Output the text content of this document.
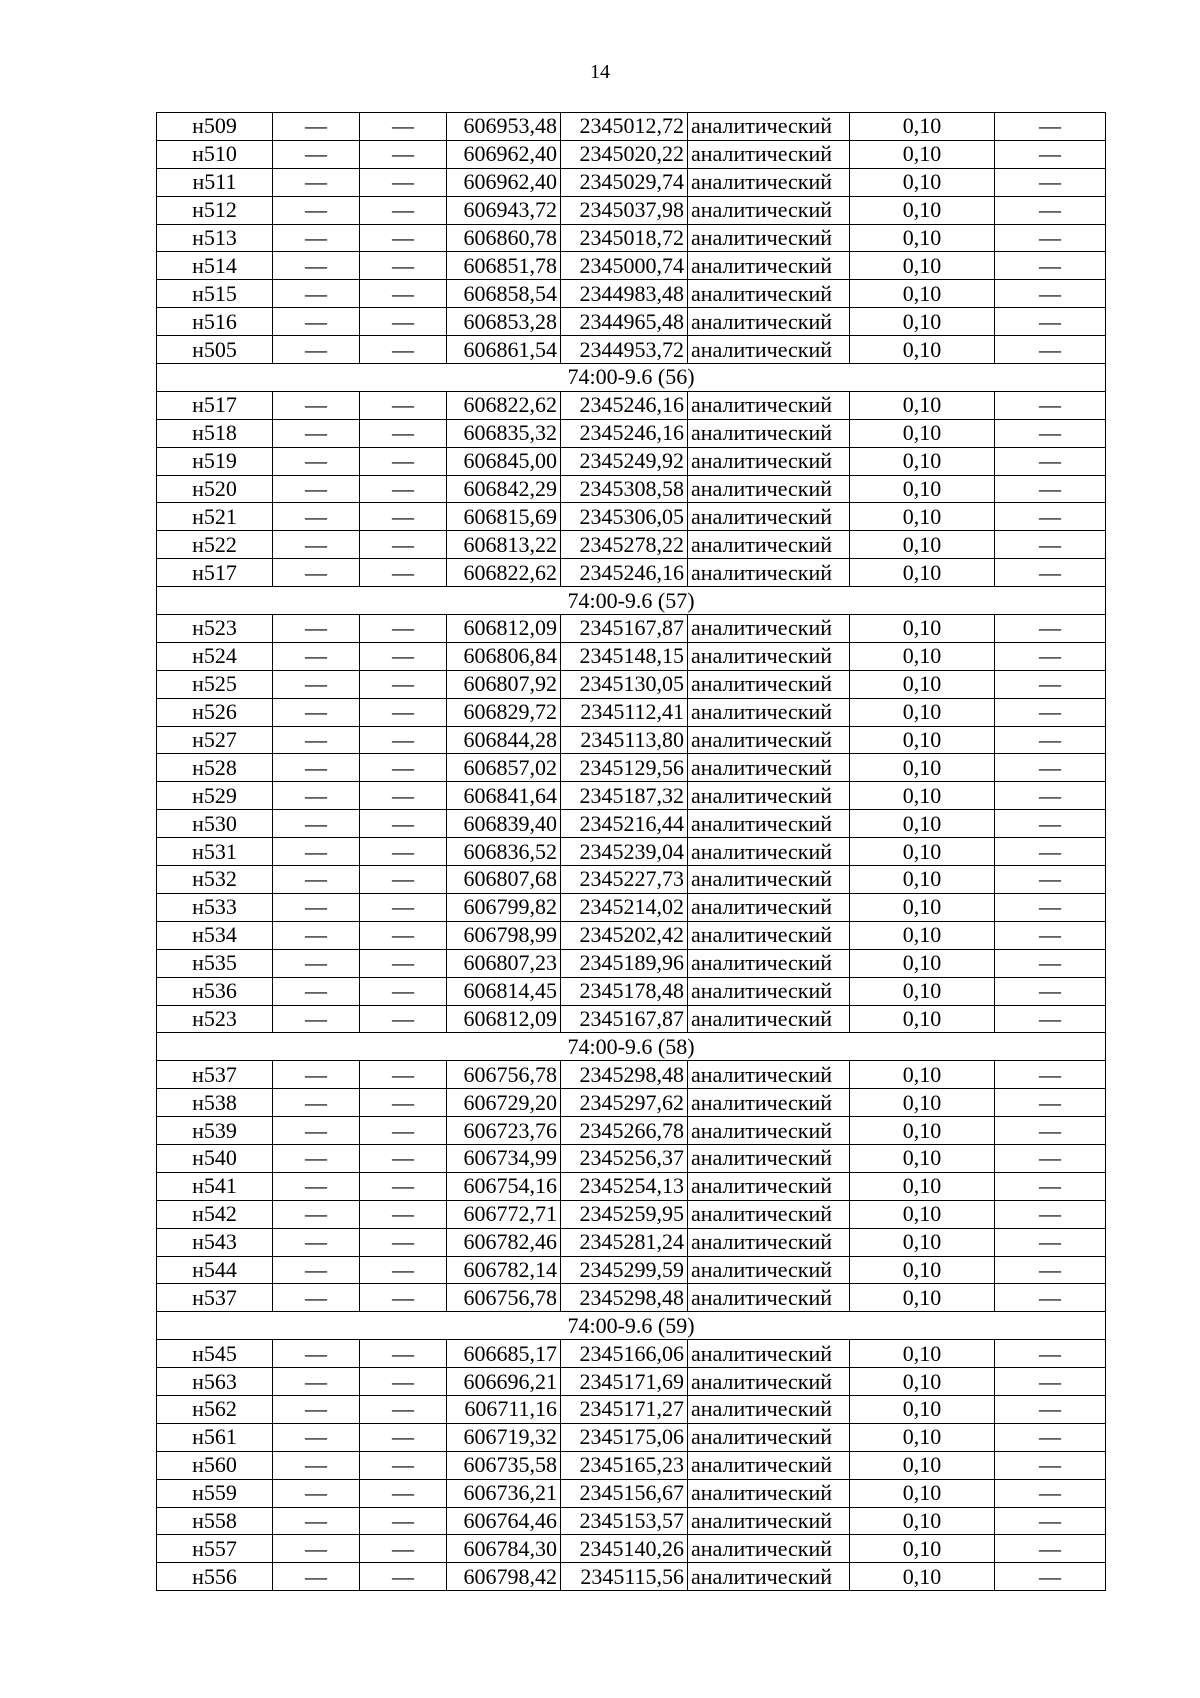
14
н509	—	—	606953,48	2345012,72	аналитический	0,10	—
н510	—	—	606962,40	2345020,22	аналитический	0,10	—
н511	—	—	606962,40	2345029,74	аналитический	0,10	—
н512	—	—	606943,72	2345037,98	аналитический	0,10	—
н513	—	—	606860,78	2345018,72	аналитический	0,10	—
н514	—	—	606851,78	2345000,74	аналитический	0,10	—
н515	—	—	606858,54	2344983,48	аналитический	0,10	—
н516	—	—	606853,28	2344965,48	аналитический	0,10	—
н505	—	—	606861,54	2344953,72	аналитический	0,10	—
74:00-9.6 (56)							
н517	—	—	606822,62	2345246,16	аналитический	0,10	—
н518	—	—	606835,32	2345246,16	аналитический	0,10	—
н519	—	—	606845,00	2345249,92	аналитический	0,10	—
н520	—	—	606842,29	2345308,58	аналитический	0,10	—
н521	—	—	606815,69	2345306,05	аналитический	0,10	—
н522	—	—	606813,22	2345278,22	аналитический	0,10	—
н517	—	—	606822,62	2345246,16	аналитический	0,10	—
74:00-9.6 (57)							
н523	—	—	606812,09	2345167,87	аналитический	0,10	—
н524	—	—	606806,84	2345148,15	аналитический	0,10	—
н525	—	—	606807,92	2345130,05	аналитический	0,10	—
н526	—	—	606829,72	2345112,41	аналитический	0,10	—
н527	—	—	606844,28	2345113,80	аналитический	0,10	—
н528	—	—	606857,02	2345129,56	аналитический	0,10	—
н529	—	—	606841,64	2345187,32	аналитический	0,10	—
н530	—	—	606839,40	2345216,44	аналитический	0,10	—
н531	—	—	606836,52	2345239,04	аналитический	0,10	—
н532	—	—	606807,68	2345227,73	аналитический	0,10	—
н533	—	—	606799,82	2345214,02	аналитический	0,10	—
н534	—	—	606798,99	2345202,42	аналитический	0,10	—
н535	—	—	606807,23	2345189,96	аналитический	0,10	—
н536	—	—	606814,45	2345178,48	аналитический	0,10	—
н523	—	—	606812,09	2345167,87	аналитический	0,10	—
74:00-9.6 (58)							
н537	—	—	606756,78	2345298,48	аналитический	0,10	—
н538	—	—	606729,20	2345297,62	аналитический	0,10	—
н539	—	—	606723,76	2345266,78	аналитический	0,10	—
н540	—	—	606734,99	2345256,37	аналитический	0,10	—
н541	—	—	606754,16	2345254,13	аналитический	0,10	—
н542	—	—	606772,71	2345259,95	аналитический	0,10	—
н543	—	—	606782,46	2345281,24	аналитический	0,10	—
н544	—	—	606782,14	2345299,59	аналитический	0,10	—
н537	—	—	606756,78	2345298,48	аналитический	0,10	—
74:00-9.6 (59)							
н545	—	—	606685,17	2345166,06	аналитический	0,10	—
н563	—	—	606696,21	2345171,69	аналитический	0,10	—
н562	—	—	606711,16	2345171,27	аналитический	0,10	—
н561	—	—	606719,32	2345175,06	аналитический	0,10	—
н560	—	—	606735,58	2345165,23	аналитический	0,10	—
н559	—	—	606736,21	2345156,67	аналитический	0,10	—
н558	—	—	606764,46	2345153,57	аналитический	0,10	—
н557	—	—	606784,30	2345140,26	аналитический	0,10	—
н556	—	—	606798,42	2345115,56	аналитический	0,10	—
